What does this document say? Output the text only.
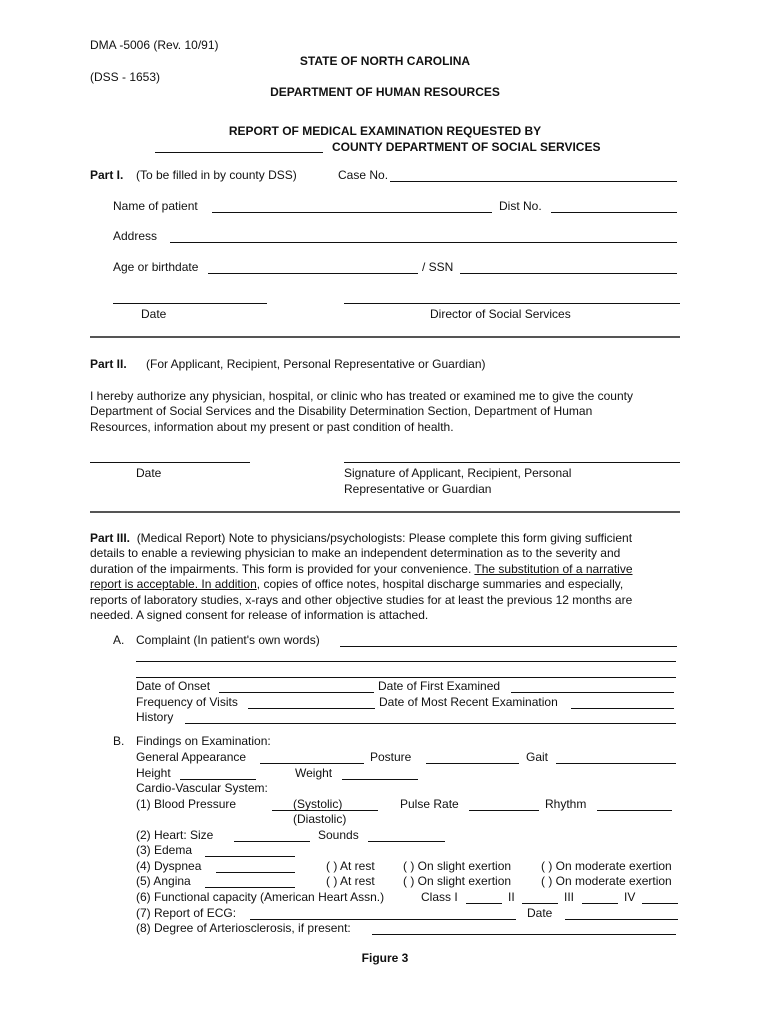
DMA -5006 (Rev. 10/91)
STATE OF NORTH CAROLINA
(DSS - 1653)
DEPARTMENT OF HUMAN RESOURCES
REPORT OF MEDICAL EXAMINATION REQUESTED BY
COUNTY DEPARTMENT OF SOCIAL SERVICES
Part I. (To be filled in by county DSS)	Case No.
Name of patient	Dist No.
Address
Age or birthdate	/ SSN
Date	Director of Social Services
Part II. (For Applicant, Recipient, Personal Representative or Guardian)
I hereby authorize any physician, hospital, or clinic who has treated or examined me to give the county
Department of Social Services and the Disability Determination Section, Department of Human
Resources, information about my present or past condition of health.
Date	Signature of Applicant, Recipient, Personal
Representative or Guardian
Part III. (Medical Report) Note to physicians/psychologists: Please complete this form giving sufficient
details to enable a reviewing physician to make an independent determination as to the severity and
duration of the impairments. This form is provided for your convenience. The substitution of a narrative
report is acceptable. In addition, copies of office notes, hospital discharge summaries and especially,
reports of laboratory studies, x-rays and other objective studies for at least the previous 12 months are
needed. A signed consent for release of information is attached.
A. Complaint (In patient's own words)
Date of Onset	Date of First Examined
Frequency of Visits	Date of Most Recent Examination
History
B. Findings on Examination:
General Appearance	Posture	Gait
Height	Weight
Cardio-Vascular System:
(1) Blood Pressure	(Systolic)	Pulse Rate	Rhythm
(Diastolic)
(2) Heart: Size	Sounds
(3) Edema
(4) Dyspnea	( ) At rest ( ) On slight exertion ( ) On moderate exertion
(5) Angina	( ) At rest ( ) On slight exertion ( ) On moderate exertion
(6) Functional capacity (American Heart Assn.)	Class I	II	III	IV
(7) Report of ECG:	Date
(8) Degree of Arteriosclerosis, if present:
Figure 3
